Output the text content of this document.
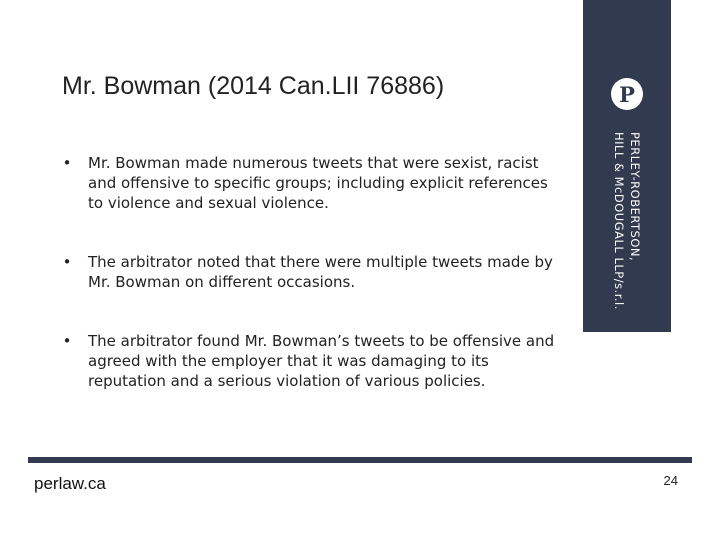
Mr. Bowman (2014 Can.LII 76886)
• Mr. Bowman made numerous tweets that were sexist, racist and offensive to specific groups; including explicit references to violence and sexual violence.
• The arbitrator noted that there were multiple tweets made by Mr. Bowman on different occasions.
• The arbitrator found Mr. Bowman’s tweets to be offensive and agreed with the employer that it was damaging to its reputation and a serious violation of various policies.
P
PERLEY-ROBERTSON,
HILL & McDOUGALL LLP/s.r.l.
perlaw.ca	24
